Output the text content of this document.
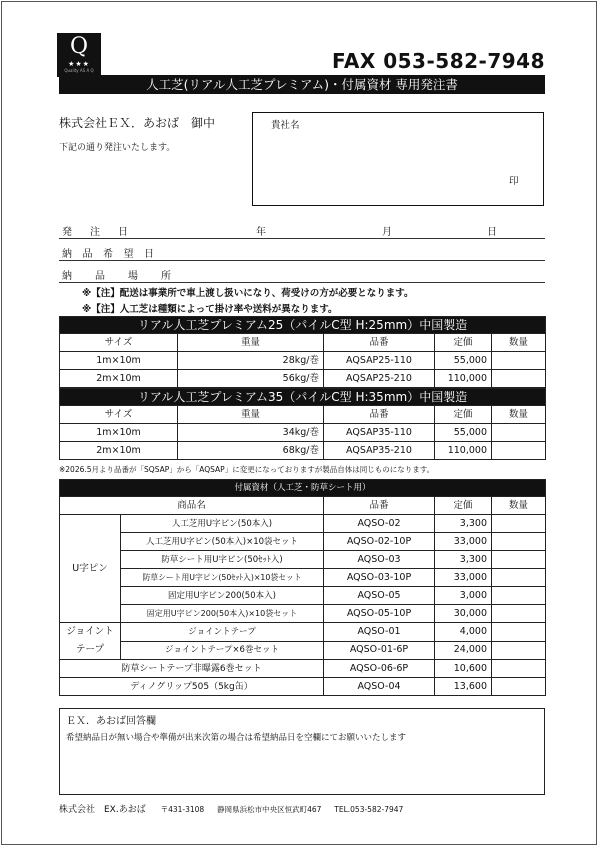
Q
★★★
Quality AS A Q	FAX 053-582-7948
人工芝(リアル人工芝プレミアム)・付属資材 専用発注書
株式会社ＥＸ．あおば　御中
下記の通り発注いたします。
貴社名
印
発注日	年	月	日
納品希望日
納品場所
※【注】配送は事業所で車上渡し扱いになり、荷受けの方が必要となります。
※【注】人工芝は種類によって掛け率や送料が異なります。
リアル人工芝プレミアム25（パイルC型 H:25mm）中国製造				
サイズ	重量	品番	定価	数量
1m×10m	28kg/巻	AQSAP25-110	55,000	
2m×10m	56kg/巻	AQSAP25-210	110,000	
リアル人工芝プレミアム35（パイルC型 H:35mm）中国製造				
サイズ	重量	品番	定価	数量
1m×10m	34kg/巻	AQSAP35-110	55,000	
2m×10m	68kg/巻	AQSAP35-210	110,000	
※2026.5月より品番が「SQSAP」から「AQSAP」に変更になっておりますが製品自体は同じものになります。
付属資材（人工芝・防草シート用）				
商品名		品番	定価	数量
U字ピン	人工芝用U字ピン(50本入)	AQSO-02	3,300	
	人工芝用U字ピン(50本入)×10袋セット	AQSO-02-10P	33,000	
	防草シート用U字ピン(50ｾｯﾄ入)	AQSO-03	3,300	
	防草シート用U字ピン(50ｾｯﾄ入)×10袋セット	AQSO-03-10P	33,000	
	固定用U字ピン200(50本入)	AQSO-05	3,000	
	固定用U字ピン200(50本入)×10袋セット	AQSO-05-10P	30,000	

ジョイント
テープ	ジョイントテープ	AQSO-01	4,000	
	ジョイントテープ×6巻セット	AQSO-01-6P	24,000	
防草シートテープ非曝露6巻セット		AQSO-06-6P	10,600	
ディノグリップ505（5kg缶）		AQSO-04	13,600	
ＥＸ．あおば回答欄
希望納品日が無い場合や準備が出来次第の場合は希望納品日を空欄にてお願いいたします
株式会社　EX.あおば 〒431-3108 静岡県浜松市中央区恒武町467 TEL.053-582-7947
